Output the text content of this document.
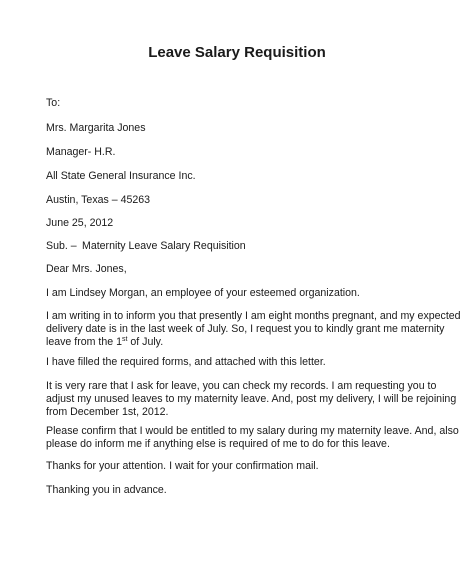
Leave Salary Requisition
To:
Mrs. Margarita Jones
Manager- H.R.
All State General Insurance Inc.
Austin, Texas – 45263
June 25, 2012
Sub. – Maternity Leave Salary Requisition
Dear Mrs. Jones,
I am Lindsey Morgan, an employee of your esteemed organization.
I am writing in to inform you that presently I am eight months pregnant, and my expected
delivery date is in the last week of July. So, I request you to kindly grant me maternity
leave from the 1st of July.
I have filled the required forms, and attached with this letter.
It is very rare that I ask for leave, you can check my records. I am requesting you to
adjust my unused leaves to my maternity leave. And, post my delivery, I will be rejoining
from December 1st, 2012.
Please confirm that I would be entitled to my salary during my maternity leave. And, also
please do inform me if anything else is required of me to do for this leave.
Thanks for your attention. I wait for your confirmation mail.
Thanking you in advance.
